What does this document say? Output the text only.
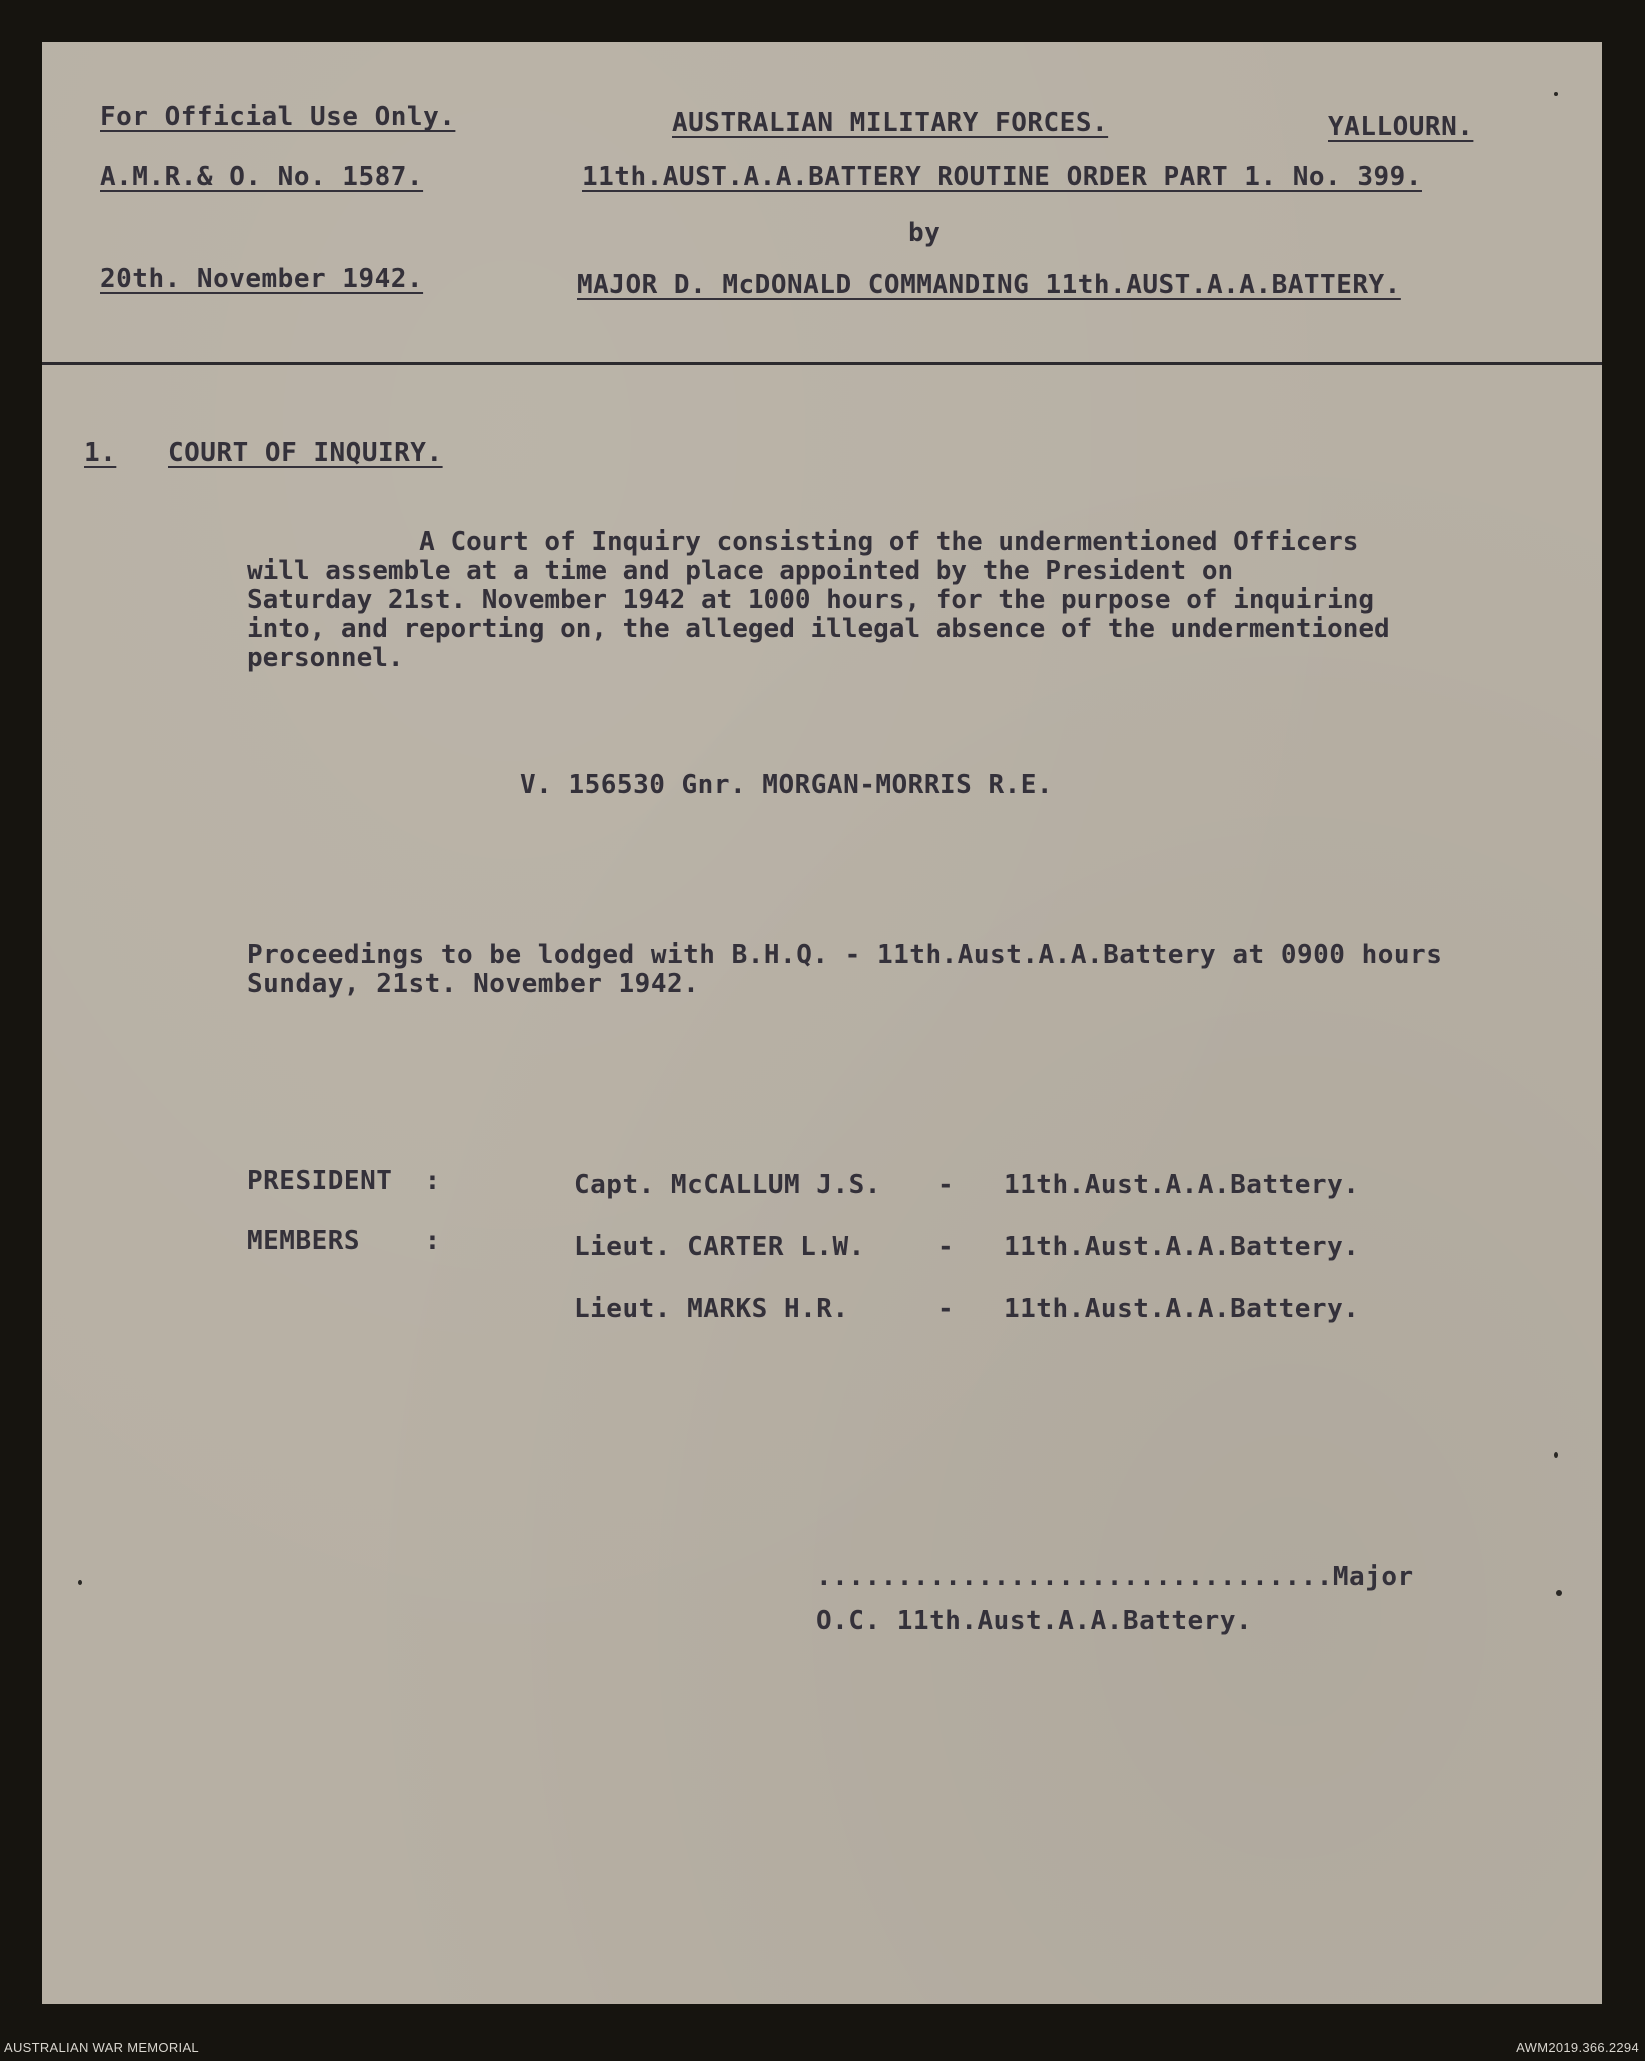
For Official Use Only.
A.M.R.& O. No. 1587.
20th. November 1942.
AUSTRALIAN MILITARY FORCES.
11th.AUST.A.A.BATTERY ROUTINE ORDER PART 1. No. 399.
by
MAJOR D. McDONALD COMMANDING 11th.AUST.A.A.BATTERY.
YALLOURN.
1. COURT OF INQUIRY.
A Court of Inquiry consisting of the undermentioned Officers
will assemble at a time and place appointed by the President on
Saturday 21st. November 1942 at 1000 hours, for the purpose of inquiring
into, and reporting on, the alleged illegal absence of the undermentioned
personnel.
V. 156530 Gnr. MORGAN-MORRIS R.E.
Proceedings to be lodged with B.H.Q. - 11th.Aust.A.A.Battery at 0900 hours
Sunday, 21st. November 1942.
PRESIDENT  :	Capt. McCALLUM J.S. - 11th.Aust.A.A.Battery.
MEMBERS    :	Lieut. CARTER L.W.	- 11th.Aust.A.A.Battery.
Lieut. MARKS H.R.	- 11th.Aust.A.A.Battery.
................................Major
O.C. 11th.Aust.A.A.Battery.
AUSTRALIAN WAR MEMORIAL	AWM2019.366.2294
